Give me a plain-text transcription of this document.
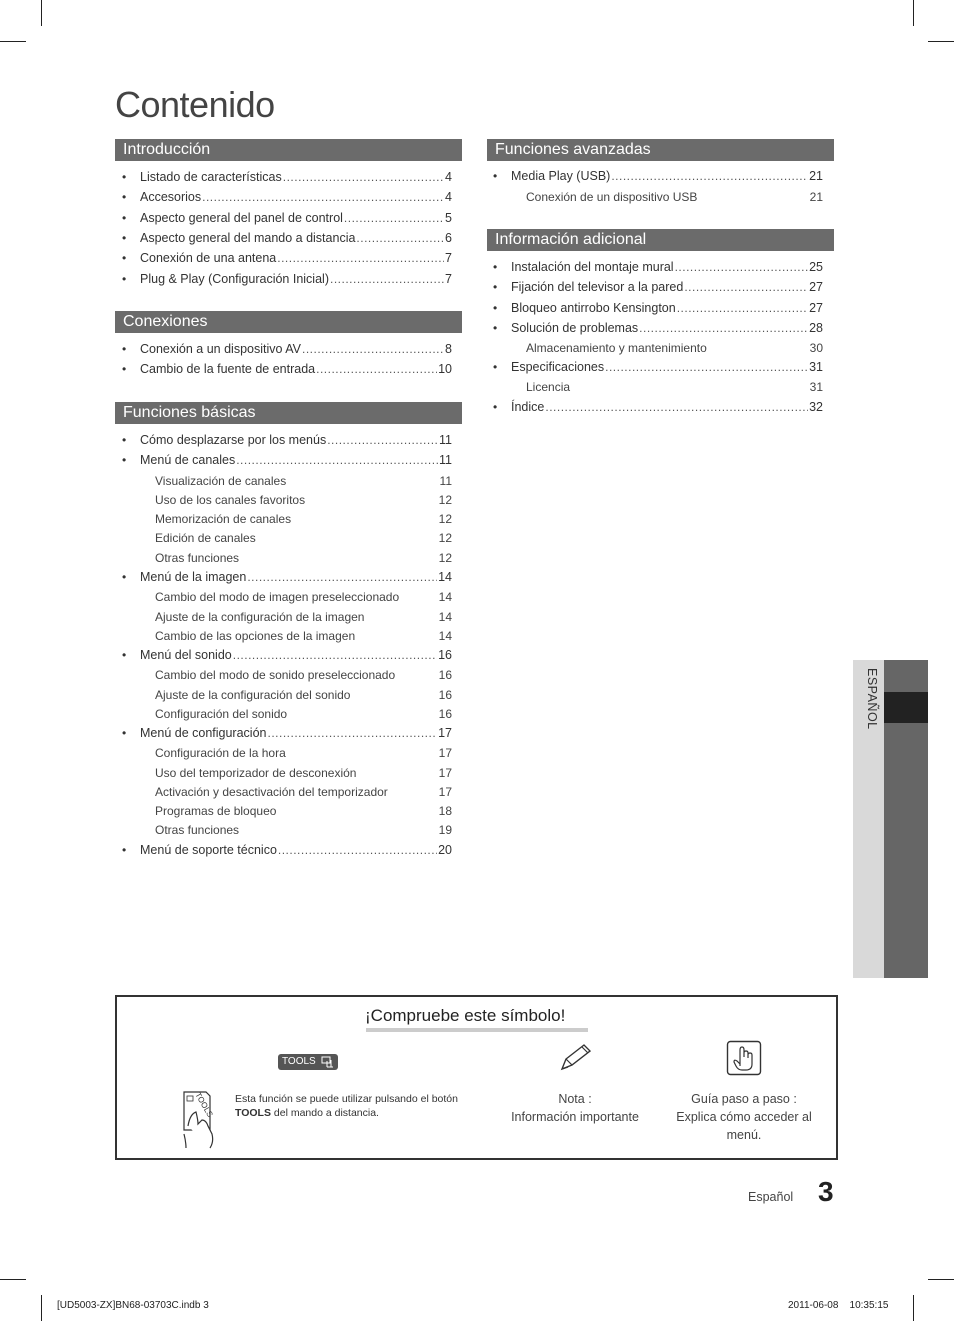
Contenido
Introducción
• Listado de características .....	4
• Accesorios .....	4
• Aspecto general del panel de control .....	5
• Aspecto general del mando a distancia .....	6
• Conexión de una antena .....	7
• Plug & Play (Configuración Inicial) .....	7
Conexiones
• Conexión a un dispositivo AV .....	8
• Cambio de la fuente de entrada .....	10
Funciones básicas
• Cómo desplazarse por los menús .....	11
• Menú de canales .....	11
Visualización de canales	11
Uso de los canales favoritos	12
Memorización de canales	12
Edición de canales	12
Otras funciones	12
• Menú de la imagen .....	14
Cambio del modo de imagen preseleccionado	14
Ajuste de la configuración de la imagen	14
Cambio de las opciones de la imagen	14
• Menú del sonido .....	16
Cambio del modo de sonido preseleccionado	16
Ajuste de la configuración del sonido	16
Configuración del sonido	16
• Menú de configuración .....	17
Configuración de la hora	17
Uso del temporizador de desconexión	17
Activación y desactivación del temporizador	17
Programas de bloqueo	18
Otras funciones	19
• Menú de soporte técnico .....	20
Funciones avanzadas
• Media Play (USB) .....	21
Conexión de un dispositivo USB	21
Información adicional
• Instalación del montaje mural .....	25
• Fijación del televisor a la pared .....	27
• Bloqueo antirrobo Kensington .....	27
• Solución de problemas .....	28
Almacenamiento y mantenimiento	30
• Especificaciones .....	31
Licencia	31
• Índice .....	32
ESPAÑOL
¡Compruebe este símbolo!
TOOLS
TOOLS Esta función se puede utilizar pulsando el botón
TOOLS del mando a distancia.
Nota :
Información importante
Guía paso a paso :
Explica cómo acceder al
menú.
Español 3
[UD5003-ZX]BN68-03703C.indb 3	2011-06-08    10:35:15
